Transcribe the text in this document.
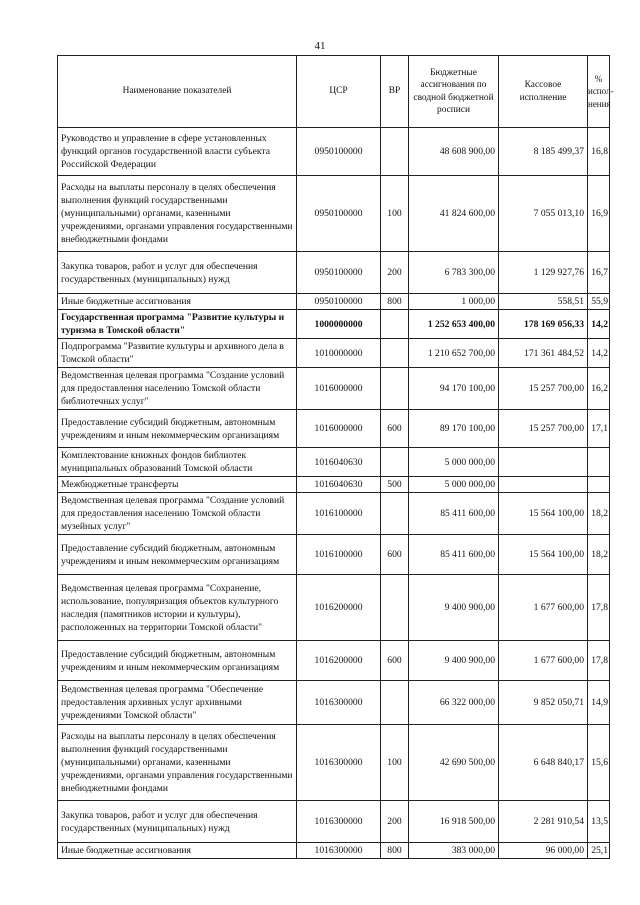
41
Наименование показателей	ЦСР	ВР	Бюджетные ассигнования по сводной бюджетной росписи	Кассовое исполнение	% испол-нения
Руководство и управление в сфере установленных функций органов государственной власти субъекта Российской Федерации	0950100000		48 608 900,00	8 185 499,37	16,8
Расходы на выплаты персоналу в целях обеспечения выполнения функций государственными (муниципальными) органами, казенными учреждениями, органами управления государственными внебюджетными фондами	0950100000	100	41 824 600,00	7 055 013,10	16,9
Закупка товаров, работ и услуг для обеспечения государственных (муниципальных) нужд	0950100000	200	6 783 300,00	1 129 927,76	16,7
Иные бюджетные ассигнования	0950100000	800	1 000,00	558,51	55,9
Государственная программа "Развитие культуры и туризма в Томской области"	1000000000		1 252 653 400,00	178 169 056,33	14,2
Подпрограмма "Развитие культуры и архивного дела в Томской области"	1010000000		1 210 652 700,00	171 361 484,52	14,2
Ведомственная целевая программа "Создание условий для предоставления населению Томской области библиотечных услуг"	1016000000		94 170 100,00	15 257 700,00	16,2
Предоставление субсидий бюджетным, автономным учреждениям и иным некоммерческим организациям	1016000000	600	89 170 100,00	15 257 700,00	17,1
Комплектование книжных фондов библиотек муниципальных образований Томской области	1016040630		5 000 000,00		
Межбюджетные трансферты	1016040630	500	5 000 000,00		
Ведомственная целевая программа "Создание условий для предоставления населению Томской области музейных услуг"	1016100000		85 411 600,00	15 564 100,00	18,2
Предоставление субсидий бюджетным, автономным учреждениям и иным некоммерческим организациям	1016100000	600	85 411 600,00	15 564 100,00	18,2
Ведомственная целевая программа "Сохранение, использование, популяризация объектов культурного наследия (памятников истории и культуры), расположенных на территории Томской области"	1016200000		9 400 900,00	1 677 600,00	17,8
Предоставление субсидий бюджетным, автономным учреждениям и иным некоммерческим организациям	1016200000	600	9 400 900,00	1 677 600,00	17,8
Ведомственная целевая программа "Обеспечение предоставления архивных услуг архивными учреждениями Томской области"	1016300000		66 322 000,00	9 852 050,71	14,9
Расходы на выплаты персоналу в целях обеспечения выполнения функций государственными (муниципальными) органами, казенными учреждениями, органами управления государственными внебюджетными фондами	1016300000	100	42 690 500,00	6 648 840,17	15,6
Закупка товаров, работ и услуг для обеспечения государственных (муниципальных) нужд	1016300000	200	16 918 500,00	2 281 910,54	13,5
Иные бюджетные ассигнования	1016300000	800	383 000,00	96 000,00	25,1
